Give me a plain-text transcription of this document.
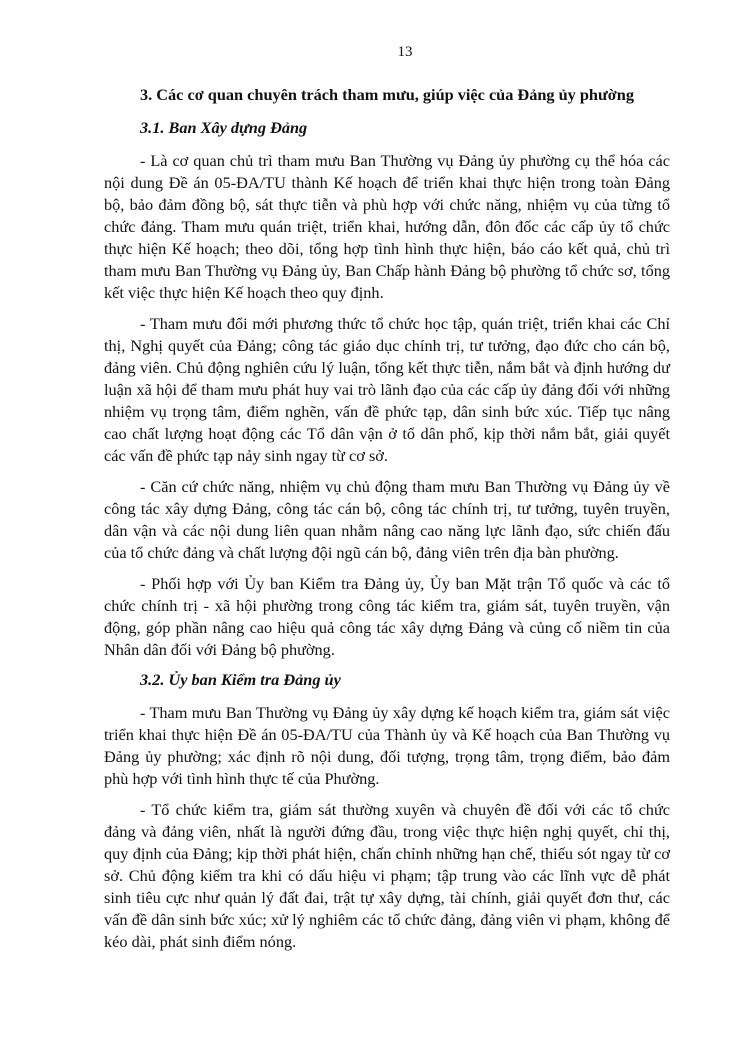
13
3. Các cơ quan chuyên trách tham mưu, giúp việc của Đảng ủy phường
3.1. Ban Xây dựng Đảng

- Là cơ quan chủ trì tham mưu Ban Thường vụ Đảng ủy phường cụ thể hóa các nội dung Đề án 05-ĐA/TU thành Kế hoạch để triển khai thực hiện trong toàn Đảng bộ, bảo đảm đồng bộ, sát thực tiễn và phù hợp với chức năng, nhiệm vụ của từng tổ chức đảng. Tham mưu quán triệt, triển khai, hướng dẫn, đôn đốc các cấp ủy tổ chức thực hiện Kế hoạch; theo dõi, tổng hợp tình hình thực hiện, báo cáo kết quả, chủ trì tham mưu Ban Thường vụ Đảng ủy, Ban Chấp hành Đảng bộ phường tổ chức sơ, tổng kết việc thực hiện Kế hoạch theo quy định.

- Tham mưu đổi mới phương thức tổ chức học tập, quán triệt, triển khai các Chỉ thị, Nghị quyết của Đảng; công tác giáo dục chính trị, tư tưởng, đạo đức cho cán bộ, đảng viên. Chủ động nghiên cứu lý luận, tổng kết thực tiễn, nắm bắt và định hướng dư luận xã hội để tham mưu phát huy vai trò lãnh đạo của các cấp ủy đảng đối với những nhiệm vụ trọng tâm, điểm nghẽn, vấn đề phức tạp, dân sinh bức xúc. Tiếp tục nâng cao chất lượng hoạt động các Tổ dân vận ở tổ dân phố, kịp thời nắm bắt, giải quyết các vấn đề phức tạp nảy sinh ngay từ cơ sở.

- Căn cứ chức năng, nhiệm vụ chủ động tham mưu Ban Thường vụ Đảng ủy về công tác xây dựng Đảng, công tác cán bộ, công tác chính trị, tư tưởng, tuyên truyền, dân vận và các nội dung liên quan nhằm nâng cao năng lực lãnh đạo, sức chiến đấu của tổ chức đảng và chất lượng đội ngũ cán bộ, đảng viên trên địa bàn phường.

- Phối hợp với Ủy ban Kiểm tra Đảng ủy, Ủy ban Mặt trận Tổ quốc và các tổ chức chính trị - xã hội phường trong công tác kiểm tra, giám sát, tuyên truyền, vận động, góp phần nâng cao hiệu quả công tác xây dựng Đảng và củng cố niềm tin của Nhân dân đối với Đảng bộ phường.

3.2. Ủy ban Kiểm tra Đảng ủy

- Tham mưu Ban Thường vụ Đảng ủy xây dựng kế hoạch kiểm tra, giám sát việc triển khai thực hiện Đề án 05-ĐA/TU của Thành ủy và Kế hoạch của Ban Thường vụ Đảng ủy phường; xác định rõ nội dung, đối tượng, trọng tâm, trọng điểm, bảo đảm phù hợp với tình hình thực tế của Phường.

- Tổ chức kiểm tra, giám sát thường xuyên và chuyên đề đối với các tổ chức đảng và đảng viên, nhất là người đứng đầu, trong việc thực hiện nghị quyết, chỉ thị, quy định của Đảng; kịp thời phát hiện, chấn chỉnh những hạn chế, thiếu sót ngay từ cơ sở. Chủ động kiểm tra khi có dấu hiệu vi phạm; tập trung vào các lĩnh vực dễ phát sinh tiêu cực như quản lý đất đai, trật tự xây dựng, tài chính, giải quyết đơn thư, các vấn đề dân sinh bức xúc; xử lý nghiêm các tổ chức đảng, đảng viên vi phạm, không để kéo dài, phát sinh điểm nóng.
